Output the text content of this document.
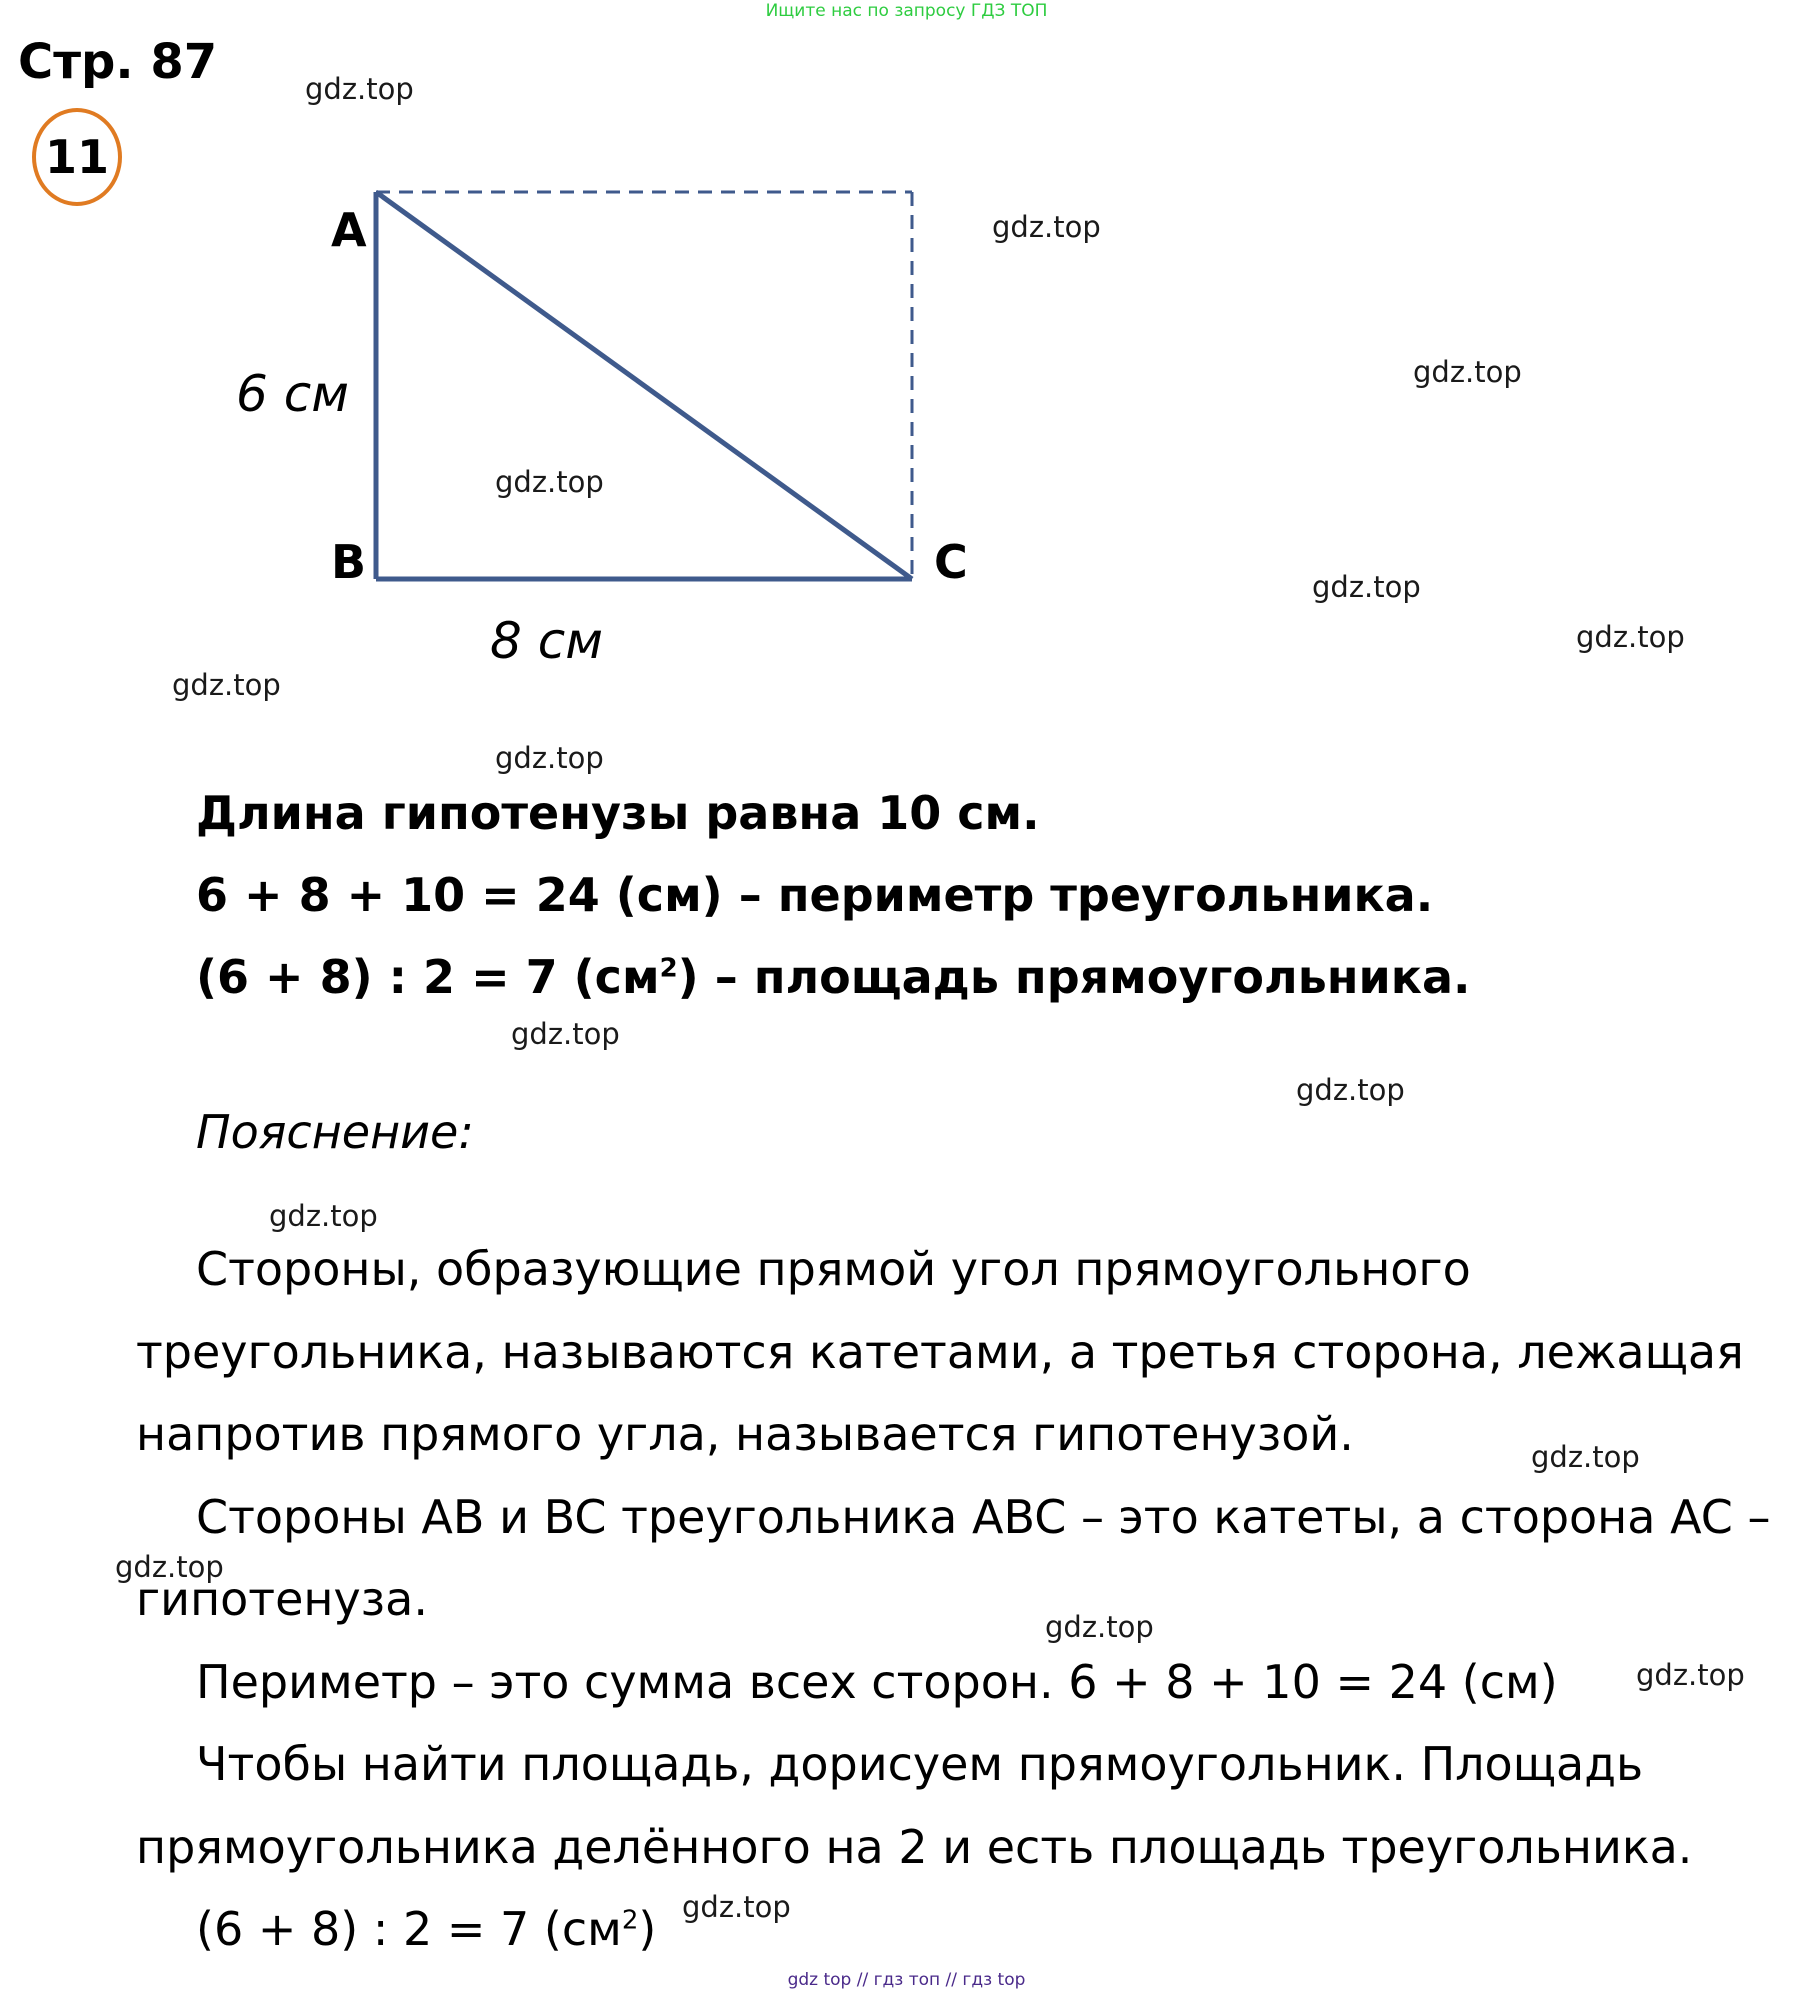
Ищите нас по запросу ГДЗ ТОП
Стр. 87
11
A
B	C
6 см
8 см
gdz.top
gdz.top
gdz.top
gdz.top
gdz.top
gdz.top
gdz.top
gdz.top
gdz.top
gdz.top
gdz.top
gdz.top
gdz.top
gdz.top
gdz.top
gdz.top
Длина гипотенузы равна 10 см.
6 + 8 + 10 = 24 (см) – периметр треугольника.
(6 + 8) : 2 = 7 $(см^2)$ – площадь прямоугольника.
Пояснение:
Стороны, образующие прямой угол прямоугольного
треугольника, называются катетами, а третья сторона, лежащая
напротив прямого угла, называется гипотенузой.
Стороны AB и BC треугольника ABC – это катеты, а сторона AC –
гипотенуза.
Периметр – это сумма всех сторон. 6 + 8 + 10 = 24 (см)
Чтобы найти площадь, дорисуем прямоугольник. Площадь
прямоугольника делённого на 2 и есть площадь треугольника.
(6 + 8) : 2 = 7 $(см^2)$
gdz top // гдз топ // гдз top
